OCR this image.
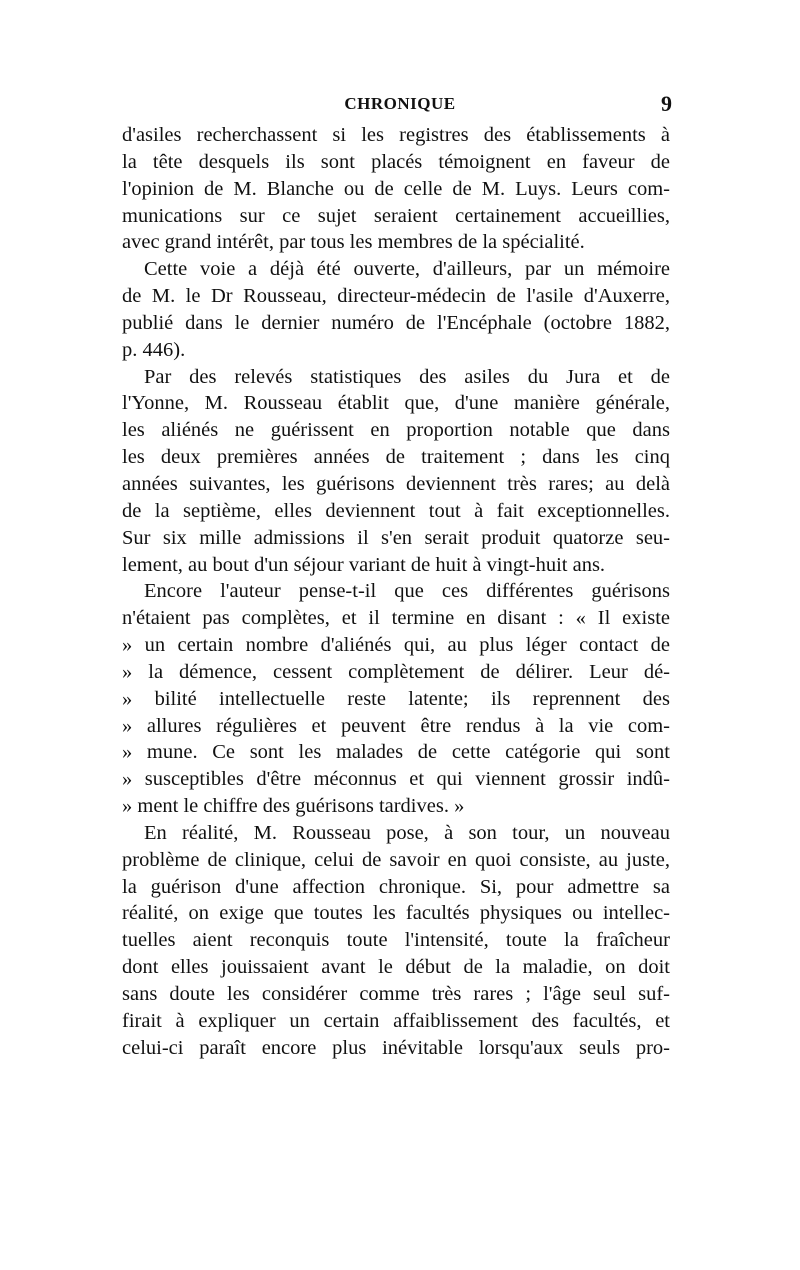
CHRONIQUE	9
d'asiles recherchassent si les registres des établissements à
la tête desquels ils sont placés témoignent en faveur de
l'opinion de M. Blanche ou de celle de M. Luys. Leurs com-
munications sur ce sujet seraient certainement accueillies,
avec grand intérêt, par tous les membres de la spécialité.
Cette voie a déjà été ouverte, d'ailleurs, par un mémoire
de M. le Dr Rousseau, directeur-médecin de l'asile d'Auxerre,
publié dans le dernier numéro de l'Encéphale (octobre 1882,
p. 446).
Par des relevés statistiques des asiles du Jura et de
l'Yonne, M. Rousseau établit que, d'une manière générale,
les aliénés ne guérissent en proportion notable que dans
les deux premières années de traitement ; dans les cinq
années suivantes, les guérisons deviennent très rares; au delà
de la septième, elles deviennent tout à fait exceptionnelles.
Sur six mille admissions il s'en serait produit quatorze seu-
lement, au bout d'un séjour variant de huit à vingt-huit ans.
Encore l'auteur pense-t-il que ces différentes guérisons
n'étaient pas complètes, et il termine en disant : « Il existe
» un certain nombre d'aliénés qui, au plus léger contact de
» la démence, cessent complètement de délirer. Leur dé-
» bilité intellectuelle reste latente; ils reprennent des
» allures régulières et peuvent être rendus à la vie com-
» mune. Ce sont les malades de cette catégorie qui sont
» susceptibles d'être méconnus et qui viennent grossir indû-
» ment le chiffre des guérisons tardives. »
En réalité, M. Rousseau pose, à son tour, un nouveau
problème de clinique, celui de savoir en quoi consiste, au juste,
la guérison d'une affection chronique. Si, pour admettre sa
réalité, on exige que toutes les facultés physiques ou intellec-
tuelles aient reconquis toute l'intensité, toute la fraîcheur
dont elles jouissaient avant le début de la maladie, on doit
sans doute les considérer comme très rares ; l'âge seul suf-
firait à expliquer un certain affaiblissement des facultés, et
celui-ci paraît encore plus inévitable lorsqu'aux seuls pro-
